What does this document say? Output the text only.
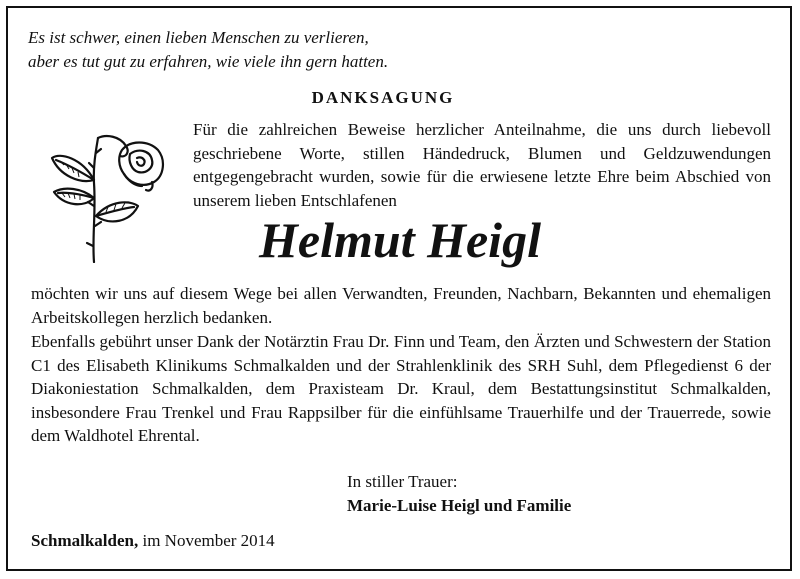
Es ist schwer, einen lieben Menschen zu verlieren,
aber es tut gut zu erfahren, wie viele ihn gern hatten.
DANKSAGUNG
Für die zahlreichen Beweise herzlicher Anteilnahme, die uns durch liebevoll geschriebene Worte, stillen Händedruck, Blumen und Geldzuwendungen entgegengebracht wurden, sowie für die erwiesene letzte Ehre beim Abschied von unserem lieben Entschlafenen
Helmut Heigl
möchten wir uns auf diesem Wege bei allen Verwandten, Freunden, Nachbarn, Bekannten und ehemaligen Arbeitskollegen herzlich bedanken.
Ebenfalls gebührt unser Dank der Notärztin Frau Dr. Finn und Team, den Ärzten und Schwestern der Station C1 des Elisabeth Klinikums Schmalkalden und der Strahlenklinik des SRH Suhl, dem Pflegedienst 6 der Diakoniestation Schmalkalden, dem Praxisteam Dr. Kraul, dem Bestattungsinstitut Schmalkalden, insbesondere Frau Trenkel und Frau Rappsilber für die einfühlsame Trauerhilfe und der Trauerrede, sowie dem Waldhotel Ehrental.
In stiller Trauer:
Marie-Luise Heigl und Familie
Schmalkalden, im November 2014
